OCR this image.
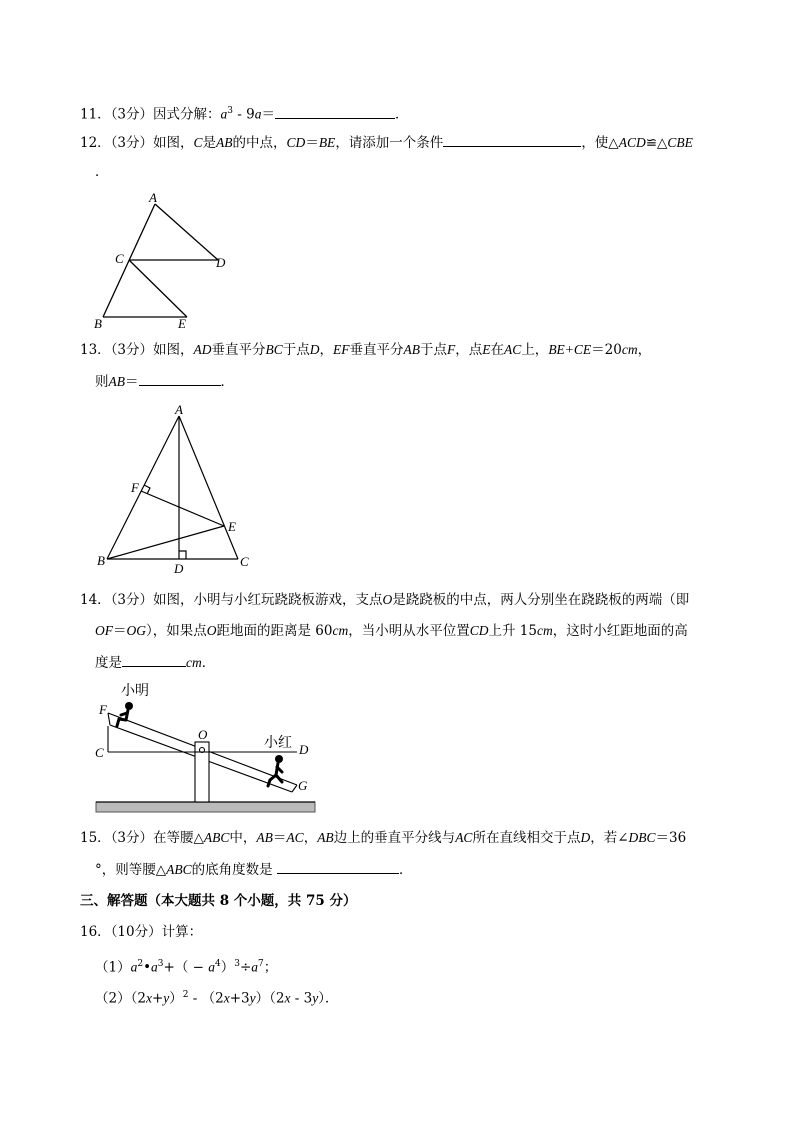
11．（3分）因式分解：$a^3 - 9a=$	．
12．（3分）如图，C是AB的中点，CD＝BE，请添加一个条件	，使△ACD≌△CBE
．
A
C	D
B	E
13．（3分）如图，AD垂直平分BC于点D，EF垂直平分AB于点F，点E在AC上，BE+CE＝20cm，
则AB＝	．
A
F
E
B
D	C
14．（3分）如图，小明与小红玩跷跷板游戏，支点O是跷跷板的中点，两人分别坐在跷跷板的两端（即
OF＝OG），如果点O距地面的距离是 60cm，当小明从水平位置CD上升 15cm，这时小红距地面的高
度是	cm．
小明
小红
F
C
O
D
G
15．（3分）在等腰△ABC中，AB＝AC，AB边上的垂直平分线与AC所在直线相交于点D，若∠DBC＝36
°，则等腰△ABC的底角度数是	．
三、解答题（本大题共 8 个小题，共 75 分）
16．（10分）计算：
$(1)a^2•a^3+( - a^4)^3\div a^7$；
$(2)(2x+y)^2 - (2x+3y)(2x - 3y)$．
